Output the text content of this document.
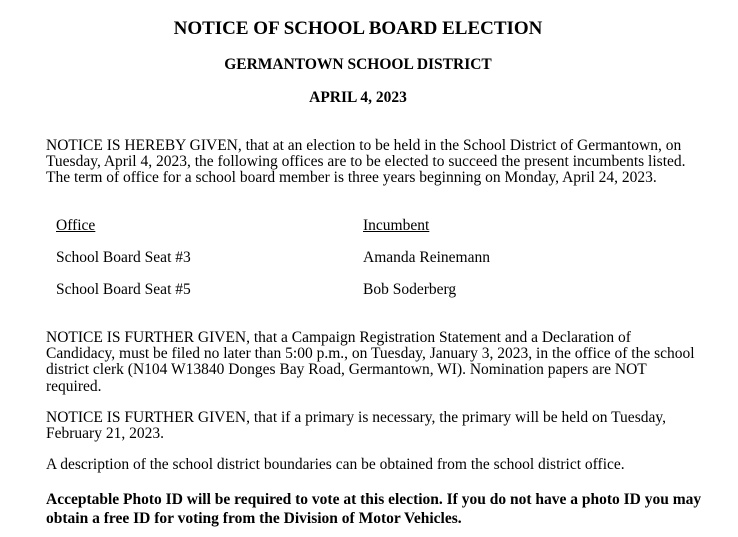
NOTICE OF SCHOOL BOARD ELECTION
GERMANTOWN SCHOOL DISTRICT
APRIL 4, 2023

NOTICE IS HEREBY GIVEN, that at an election to be held in the School District of Germantown, on Tuesday, April 4, 2023, the following offices are to be elected to succeed the present incumbents listed. The term of office for a school board member is three years beginning on Monday, April 24, 2023.

Office	Incumbent
School Board Seat #3	Amanda Reinemann
School Board Seat #5	Bob Soderberg

NOTICE IS FURTHER GIVEN, that a Campaign Registration Statement and a Declaration of Candidacy, must be filed no later than 5:00 p.m., on Tuesday, January 3, 2023, in the office of the school district clerk (N104 W13840 Donges Bay Road, Germantown, WI). Nomination papers are NOT required.

NOTICE IS FURTHER GIVEN, that if a primary is necessary, the primary will be held on Tuesday, February 21, 2023.

A description of the school district boundaries can be obtained from the school district office.

Acceptable Photo ID will be required to vote at this election. If you do not have a photo ID you may obtain a free ID for voting from the Division of Motor Vehicles.
